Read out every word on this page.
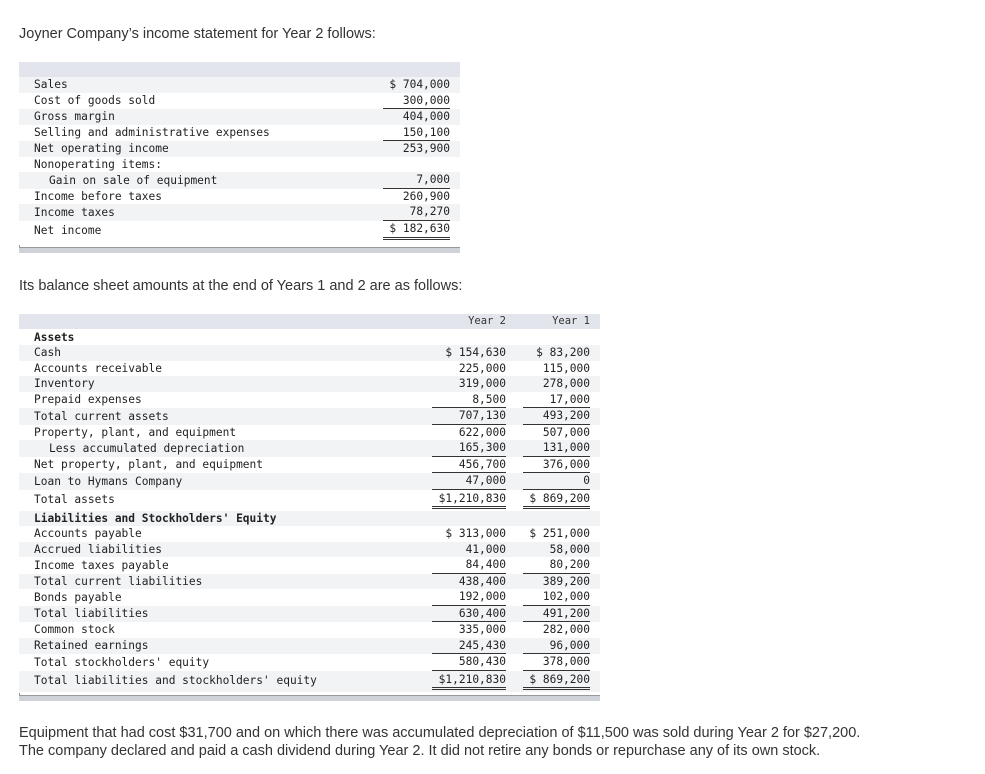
Joyner Company’s income statement for Year 2 follows:
Sales	$ 704,000	
Cost of goods sold	300,000	
Gross margin	404,000	
Selling and administrative expenses	150,100	
Net operating income	253,900	
Nonoperating items:		
Gain on sale of equipment	7,000	
Income before taxes	260,900	
Income taxes	78,270	
Net income	$ 182,630	
Its balance sheet amounts at the end of Years 1 and 2 are as follows:
	Year 2		Year 1	
Assets				
Cash	$ 154,630		$ 83,200	
Accounts receivable	225,000		115,000	
Inventory	319,000		278,000	
Prepaid expenses	8,500		17,000	
Total current assets	707,130		493,200	
Property, plant, and equipment	622,000		507,000	
Less accumulated depreciation	165,300		131,000	
Net property, plant, and equipment	456,700		376,000	
Loan to Hymans Company	47,000		0	
Total assets	$1,210,830		$ 869,200	
Liabilities and Stockholders' Equity				
Accounts payable	$ 313,000		$ 251,000	
Accrued liabilities	41,000		58,000	
Income taxes payable	84,400		80,200	
Total current liabilities	438,400		389,200	
Bonds payable	192,000		102,000	
Total liabilities	630,400		491,200	
Common stock	335,000		282,000	
Retained earnings	245,430		96,000	
Total stockholders' equity	580,430		378,000	
Total liabilities and stockholders' equity	$1,210,830		$ 869,200	
Equipment that had cost $31,700 and on which there was accumulated depreciation of $11,500 was sold during Year 2 for $27,200.
The company declared and paid a cash dividend during Year 2. It did not retire any bonds or repurchase any of its own stock.
